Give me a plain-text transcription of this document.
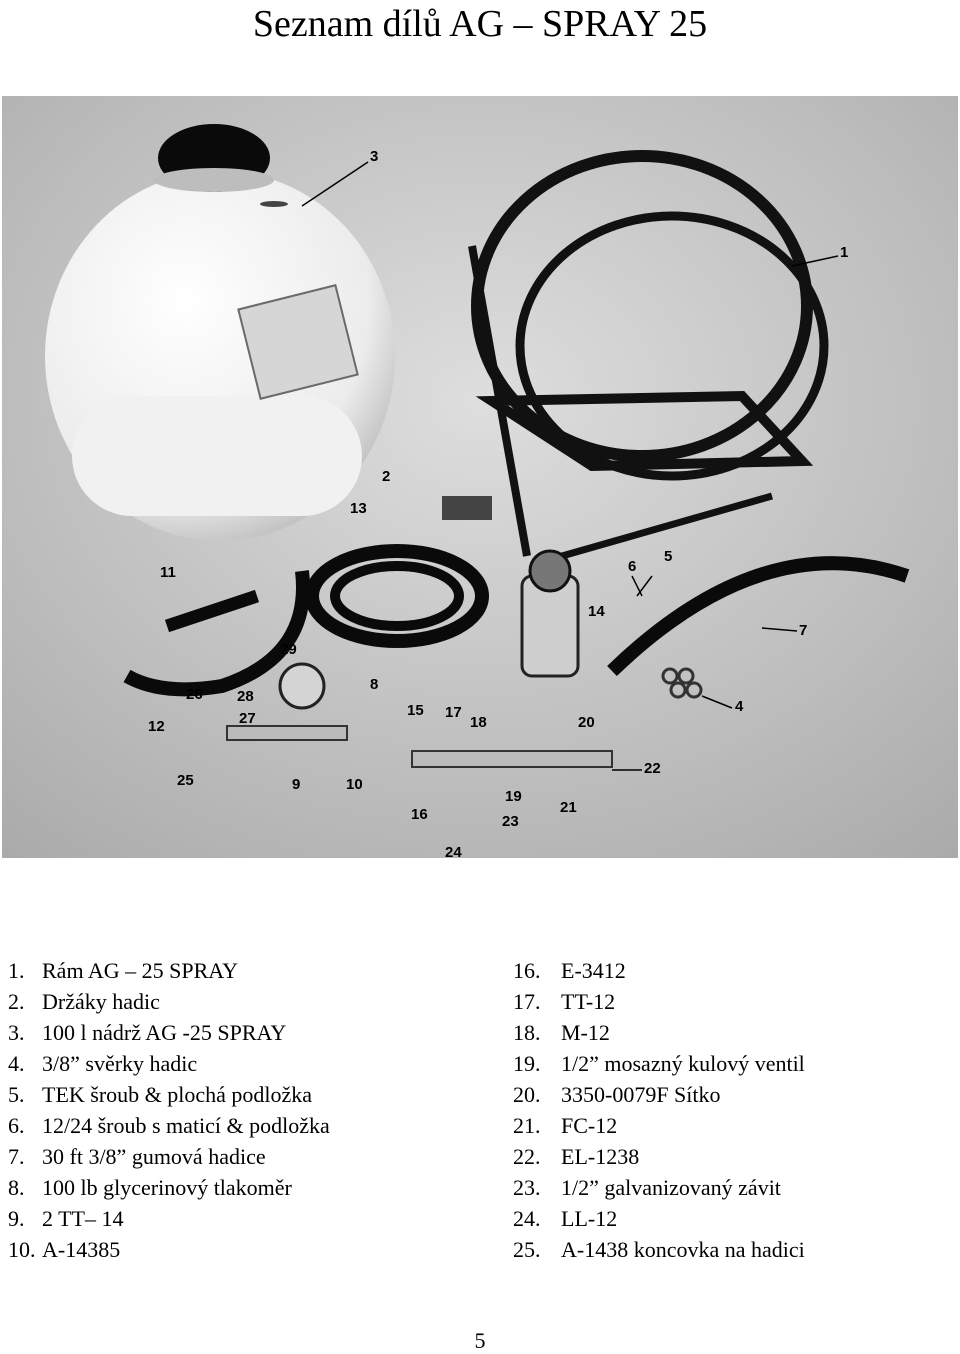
Seznam dílů AG – SPRAY 25
1
2
3
4
5
6
7
8
9	10
11
12
13
14
15
16
17
18
19
20
21
22
23
24
25
26
27
28
29
1. Rám AG – 25 SPRAY
2. Držáky hadic
3. 100 l nádrž AG -25 SPRAY
4. 3/8” svěrky hadic
5. TEK šroub & plochá podložka
6. 12/24 šroub s maticí & podložka
7. 30 ft 3/8” gumová hadice
8. 100 lb glycerinový tlakoměr
9. 2 TT– 14
10. A-14385
16. E-3412
17. TT-12
18. M-12
19. 1/2” mosazný kulový ventil
20. 3350-0079F Sítko
21. FC-12
22. EL-1238
23. 1/2” galvanizovaný závit
24. LL-12
25. A-1438 koncovka na hadici
5
